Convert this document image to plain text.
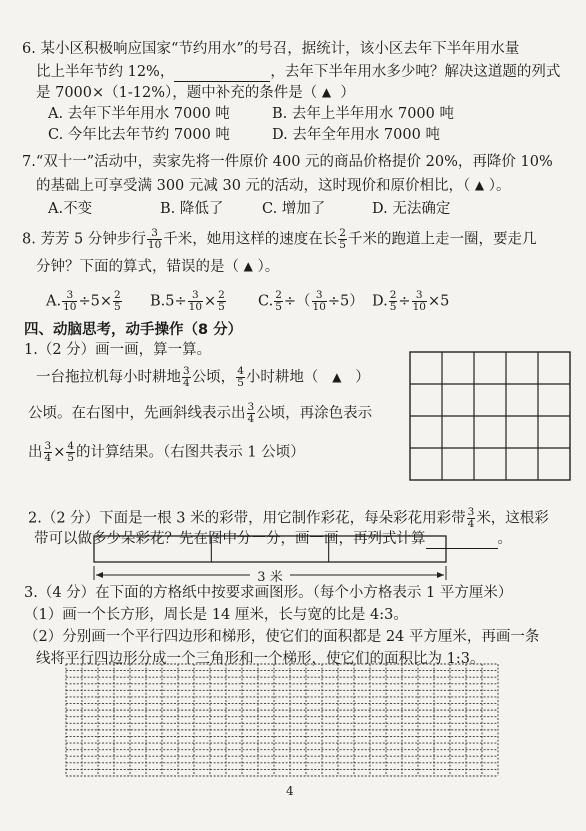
6. 某小区积极响应国家“节约用水”的号召，据统计，该小区去年下半年用水量
比上半年节约 12%，	，去年下半年用水多少吨？解决这道题的列式
是 7000×（1-12%），题中补充的条件是（ ▲ ）
A. 去年下半年用水 7000 吨	B. 去年上半年用水 7000 吨
C. 今年比去年节约 7000 吨	D. 去年全年用水 7000 吨
7.“双十一”活动中，卖家先将一件原价 400 元的商品价格提价 20%，再降价 10%
的基础上可享受满 300 元减 30 元的活动，这时现价和原价相比，（ ▲ ）。
A.不变	B. 降低了	C. 增加了	D. 无法确定
8. 芳芳 5 分钟步行 $\frac{3}{10}$ 千米，她用这样的速度在长 $\frac{2}{5}$ 千米的跑道上走一圈，要走几
分钟？下面的算式，错误的是（ ▲ ）。
A. $\frac{3}{10} \div 5\times \frac{2}{5} B.5\div \frac{3}{10} \times \frac{2}{5} C$. $\frac{2}{5}$ ÷（ $\frac{3}{10} \div 5$） D. $\frac{2}{5} \div \frac{3}{10} \times 5$
四、动脑思考，动手操作（8 分）
1.（2 分）画一画，算一算。
一台拖拉机每小时耕地 $\frac{3}{4}$ 公顷， $\frac{4}{5}$ 小时耕地（ ▲ ）
公顷。在右图中，先画斜线表示出 $\frac{3}{4}$ 公顷，再涂色表示
出 $\frac{3}{4} \times \frac{4}{5}$ 的计算结果。（右图共表示 1 公顷）
2.（2 分）下面是一根 3 米的彩带，用它制作彩花，每朵彩花用彩带 $\frac{3}{4}$ 米，这根彩
带可以做多少朵彩花？先在图中分一分，画一画，再列式计算	。
3 米
3.（4 分）在下面的方格纸中按要求画图形。（每个小方格表示 1 平方厘米）
（1）画一个长方形，周长是 14 厘米，长与宽的比是 4:3。
（2）分别画一个平行四边形和梯形，使它们的面积都是 24 平方厘米，再画一条
线将平行四边形分成一个三角形和一个梯形，使它们的面积比为 1:3。
4
